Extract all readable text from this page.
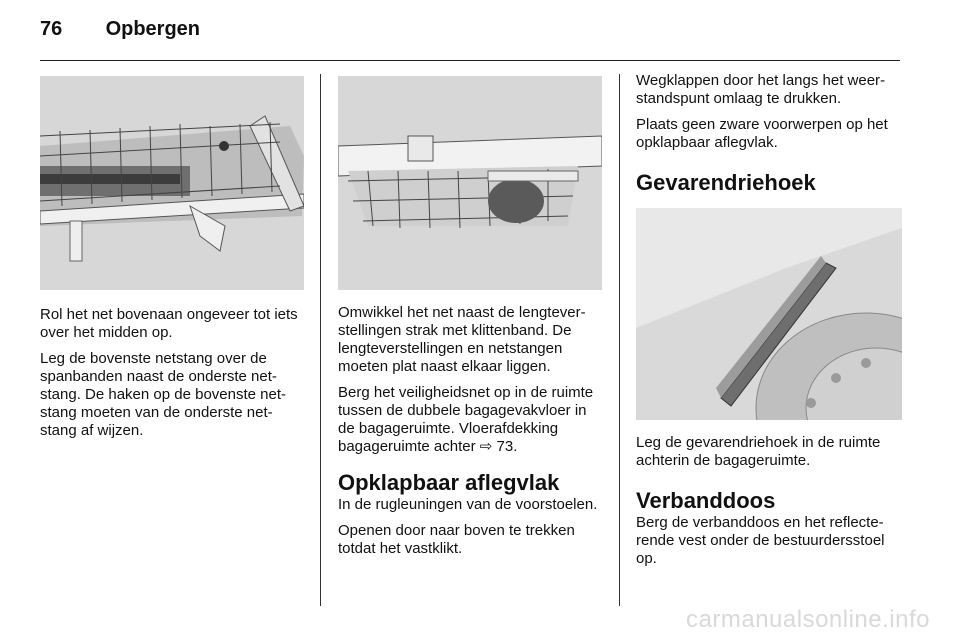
76 Opbergen

Rol het net bovenaan ongeveer tot iets over het midden op.

Leg de bovenste netstang over de spanbanden naast de onderste netstang. De haken op de bovenste netstang moeten van de onderste netstang af wijzen.

Omwikkel het net naast de lengteverstellingen strak met klittenband. De lengteverstellingen en netstangen moeten plat naast elkaar liggen.

Berg het veiligheidsnet op in de ruimte tussen de dubbele bagagevakvloer in de bagageruimte. Vloerafdekking bagageruimte achter ⇨ 73.

Opklapbaar aflegvlak

In de rugleuningen van de voorstoelen.

Openen door naar boven te trekken totdat het vastklikt.

Wegklappen door het langs het weerstandspunt omlaag te drukken.

Plaats geen zware voorwerpen op het opklapbaar aflegvlak.

Gevarendriehoek

Leg de gevarendriehoek in de ruimte achterin de bagageruimte.

Verbanddoos

Berg de verbanddoos en het reflecterende vest onder de bestuurdersstoel op.

carmanualsonline.info
